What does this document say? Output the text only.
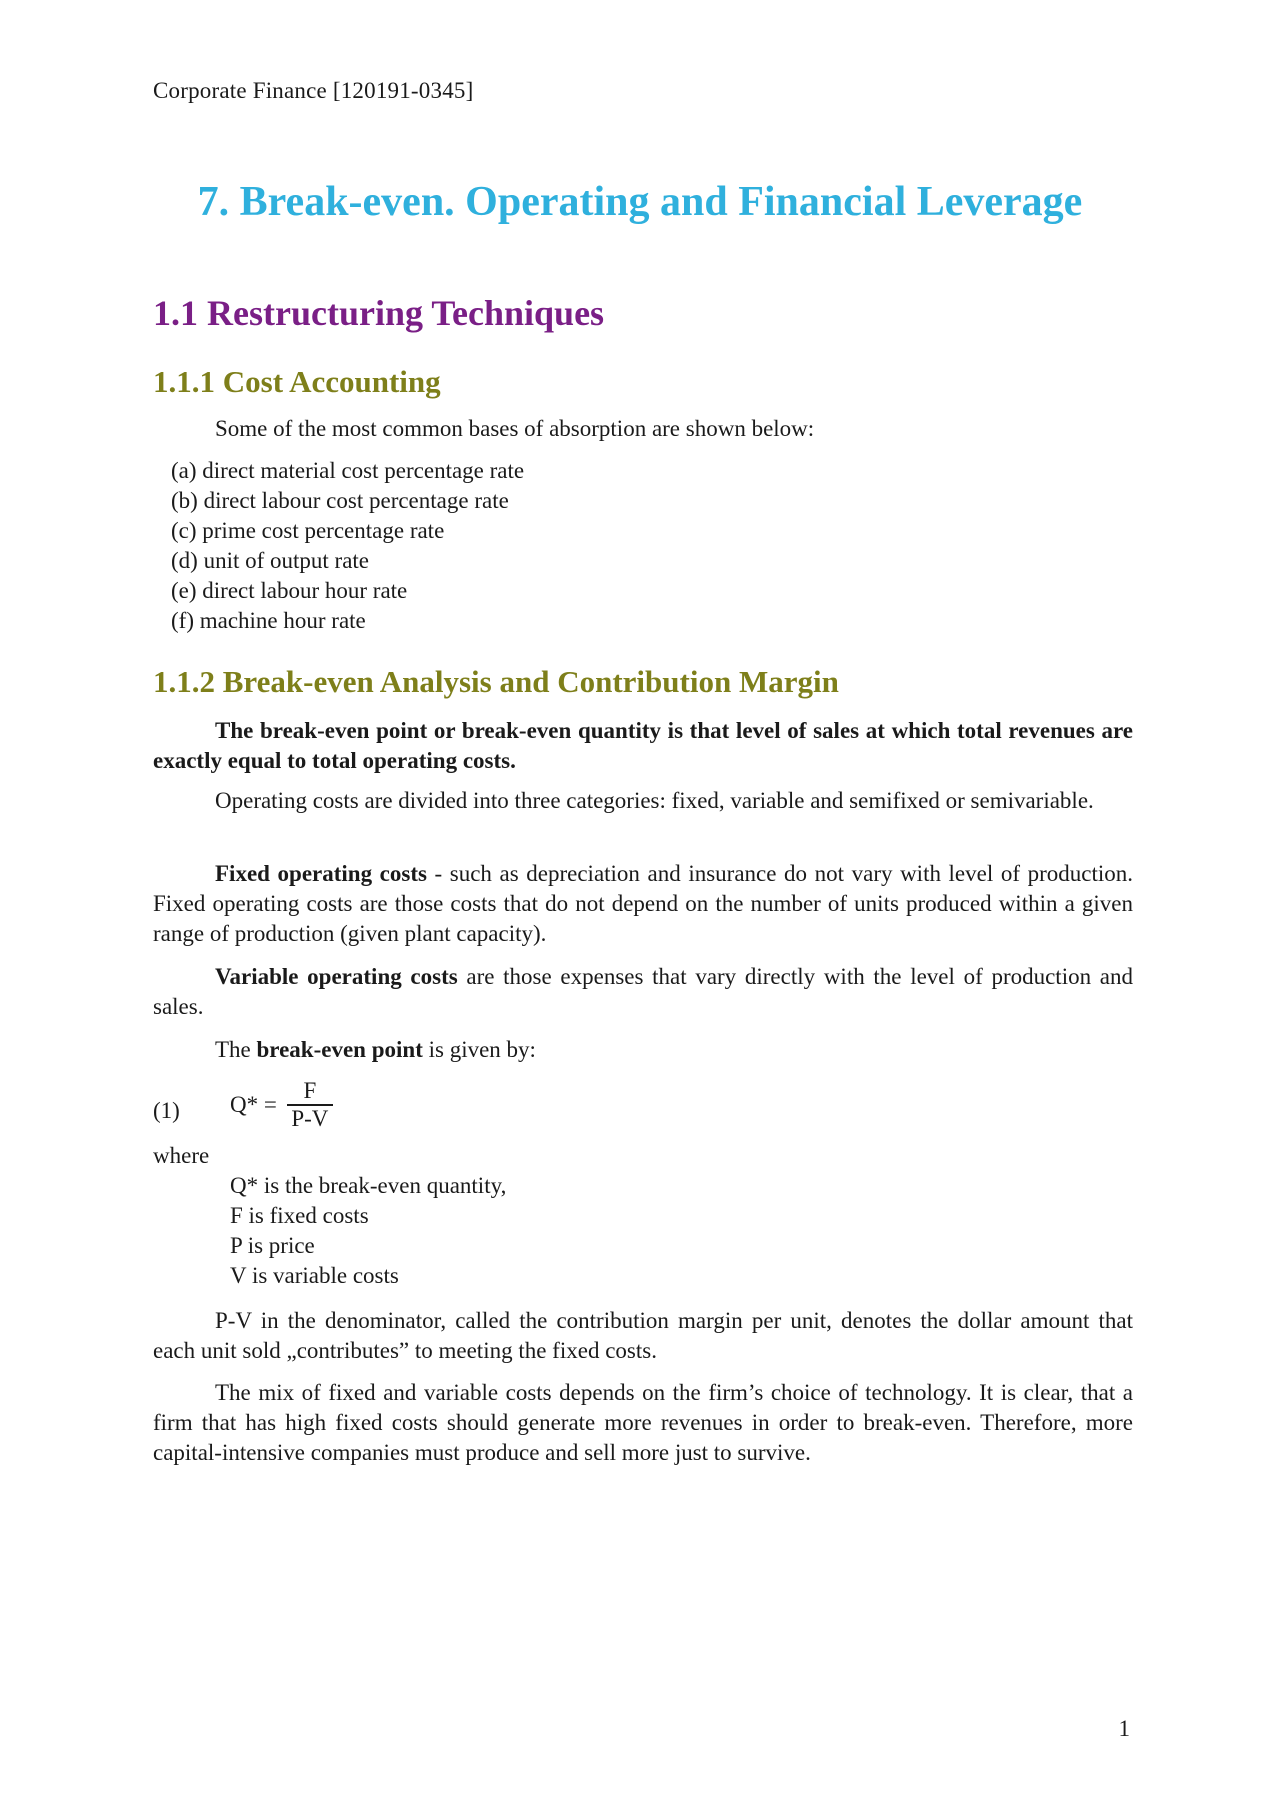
Corporate Finance [120191-0345]
7. Break-even. Operating and Financial Leverage
1.1 Restructuring Techniques
1.1.1 Cost Accounting

Some of the most common bases of absorption are shown below:

(a) direct material cost percentage rate
(b) direct labour cost percentage rate
(c) prime cost percentage rate
(d) unit of output rate
(e) direct labour hour rate
(f) machine hour rate
1.1.2 Break-even Analysis and Contribution Margin

The break-even point or break-even quantity is that level of sales at which total revenues are exactly equal to total operating costs.

Operating costs are divided into three categories: fixed, variable and semifixed or semivariable.

Fixed operating costs - such as depreciation and insurance do not vary with level of production. Fixed operating costs are those costs that do not depend on the number of units produced within a given range of production (given plant capacity).

Variable operating costs are those expenses that vary directly with the level of production and sales.

The break-even point is given by:

(1) $Q* = \frac{F}{P-V}$
where
Q* is the break-even quantity,
F is fixed costs
P is price
V is variable costs

P-V in the denominator, called the contribution margin per unit, denotes the dollar amount that each unit sold „contributes” to meeting the fixed costs.

The mix of fixed and variable costs depends on the firm’s choice of technology. It is clear, that a firm that has high fixed costs should generate more revenues in order to break-even. Therefore, more capital-intensive companies must produce and sell more just to survive.

1
